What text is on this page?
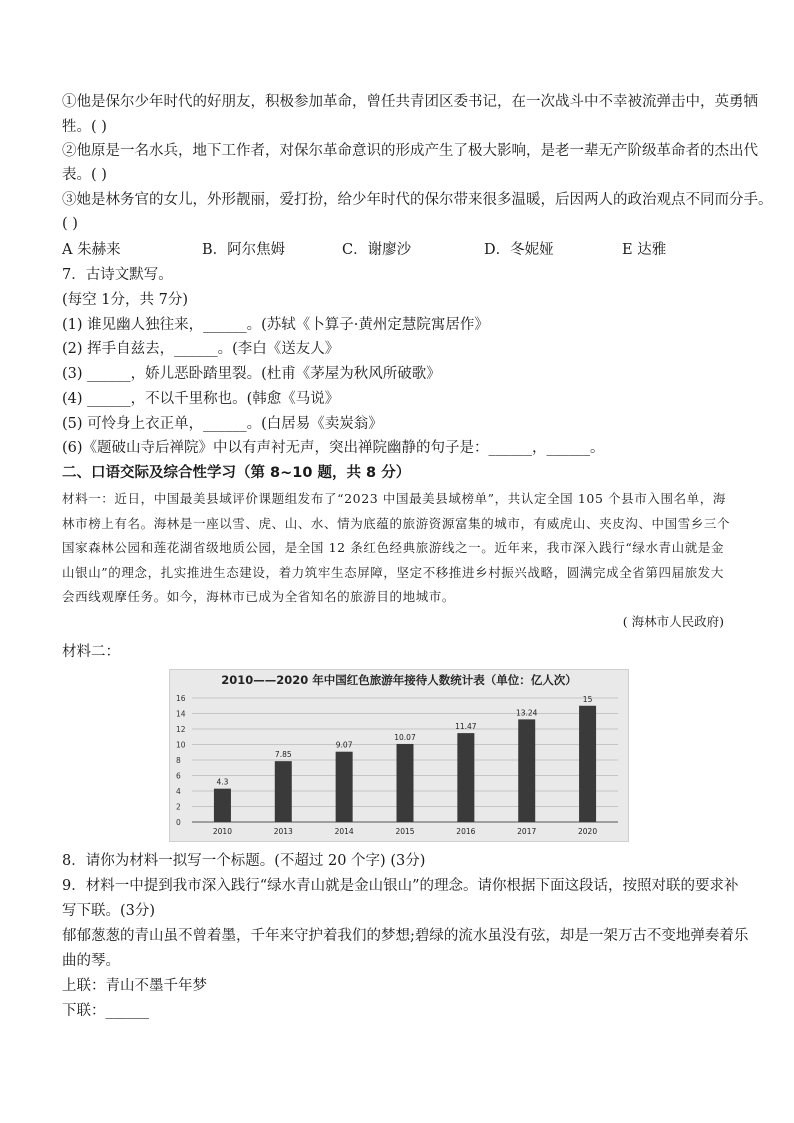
①他是保尔少年时代的好朋友，积极参加革命，曾任共青团区委书记，在一次战斗中不幸被流弹击中，英勇牺
牲。( )
②他原是一名水兵，地下工作者，对保尔革命意识的形成产生了极大影响，是老一辈无产阶级革命者的杰出代
表。( )
③她是林务官的女儿，外形靓丽，爱打扮，给少年时代的保尔带来很多温暖，后因两人的政治观点不同而分手。
( )
A 朱赫来	B．阿尔焦姆	C．谢廖沙	D．冬妮娅	E 达雅
7．古诗文默写。
(每空 1分，共 7分)
(1) 谁见幽人独往来，______。(苏轼《卜算子·黄州定慧院寓居作》
(2) 挥手自兹去，______。(李白《送友人》
(3) ______，娇儿恶卧踏里裂。(杜甫《茅屋为秋风所破歌》
(4) ______，不以千里称也。(韩愈《马说》
(5) 可怜身上衣正单，______。(白居易《卖炭翁》
(6)《题破山寺后禅院》中以有声衬无声，突出禅院幽静的句子是：______，______。
二、口语交际及综合性学习（第 8~10 题，共 8 分）
材料一：近日，中国最美县域评价课题组发布了“2023 中国最美县域榜单”，共认定全国 105 个县市入围名单，海林市榜上有名。海林是一座以雪、虎、山、水、情为底蕴的旅游资源富集的城市，有威虎山、夹皮沟、中国雪乡三个国家森林公园和莲花湖省级地质公园，是全国 12 条红色经典旅游线之一。近年来，我市深入践行“绿水青山就是金山银山”的理念，扎实推进生态建设，着力筑牢生态屏障，坚定不移推进乡村振兴战略，圆满完成全省第四届旅发大会西线观摩任务。如今，海林市已成为全省知名的旅游目的地城市。
( 海林市人民政府)
材料二：
2010——2020 年中国红色旅游年接待人数统计表（单位：亿人次）
0
2
4
6
8
10
12
14
16
4.3
2010
7.85
2013
9.07
2014
10.07
2015
11.47
2016
13.24
2017
15
2020
8．请你为材料一拟写一个标题。(不超过 20 个字) (3分)
9．材料一中提到我市深入践行“绿水青山就是金山银山”的理念。请你根据下面这段话，按照对联的要求补
写下联。(3分)
郁郁葱葱的青山虽不曾着墨，千年来守护着我们的梦想;碧绿的流水虽没有弦，却是一架万古不变地弹奏着乐
曲的琴。
上联：青山不墨千年梦
下联：______
